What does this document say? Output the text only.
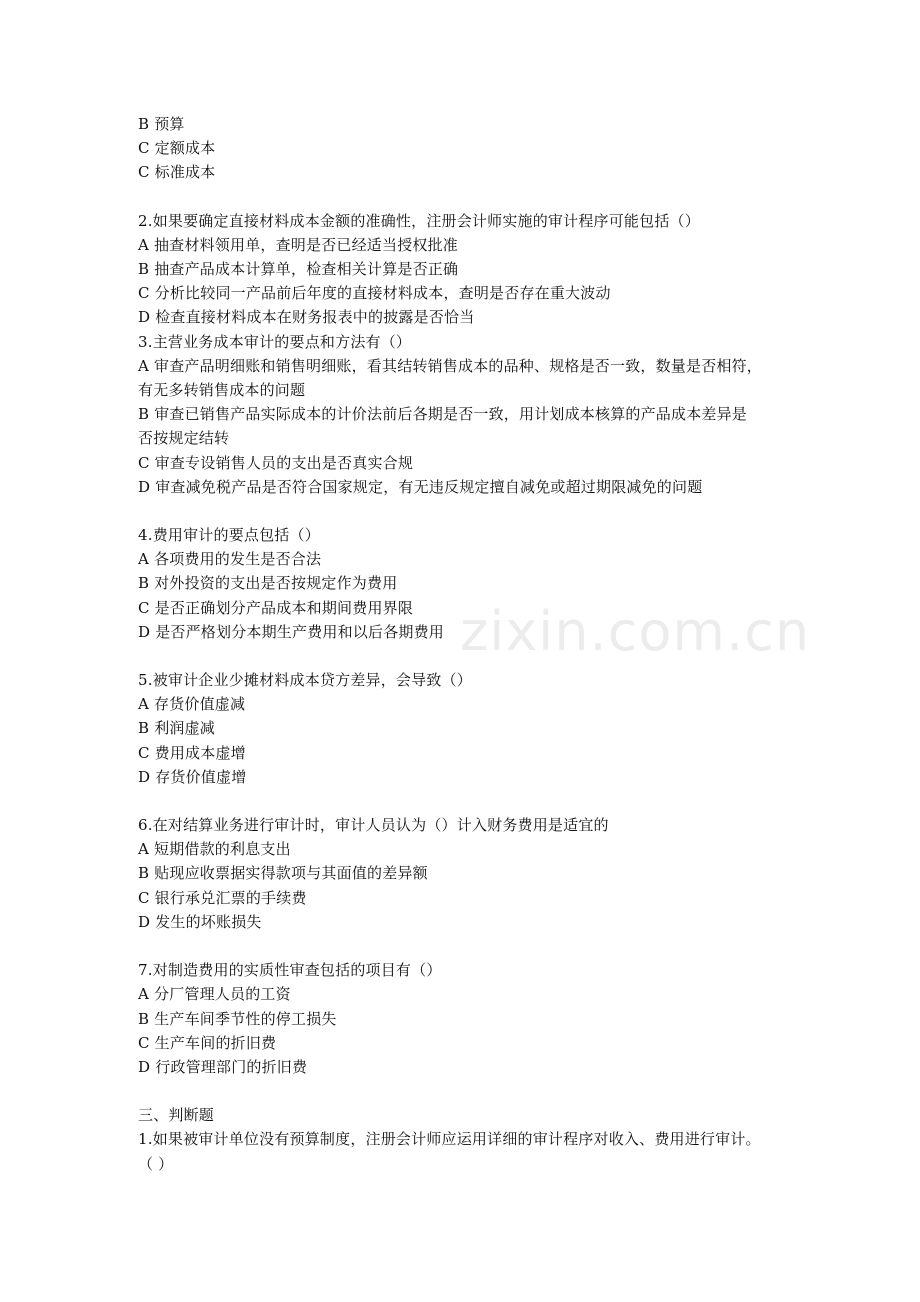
B 预算
C 定额成本
C 标准成本
2.如果要确定直接材料成本金额的准确性，注册会计师实施的审计程序可能包括（）
A 抽查材料领用单，查明是否已经适当授权批准
B 抽查产品成本计算单，检查相关计算是否正确
C 分析比较同一产品前后年度的直接材料成本，查明是否存在重大波动
D 检查直接材料成本在财务报表中的披露是否恰当
3.主营业务成本审计的要点和方法有（）
A 审查产品明细账和销售明细账，看其结转销售成本的品种、规格是否一致，数量是否相符，
有无多转销售成本的问题
B 审查已销售产品实际成本的计价法前后各期是否一致，用计划成本核算的产品成本差异是
否按规定结转
C 审查专设销售人员的支出是否真实合规
D 审查减免税产品是否符合国家规定，有无违反规定擅自减免或超过期限减免的问题
4.费用审计的要点包括（）
A 各项费用的发生是否合法
B 对外投资的支出是否按规定作为费用
C 是否正确划分产品成本和期间费用界限
D 是否严格划分本期生产费用和以后各期费用
5.被审计企业少摊材料成本贷方差异，会导致（）
A 存货价值虚减
B 利润虚减
C 费用成本虚增
D 存货价值虚增
6.在对结算业务进行审计时，审计人员认为（）计入财务费用是适宜的
A 短期借款的利息支出
B 贴现应收票据实得款项与其面值的差异额
C 银行承兑汇票的手续费
D 发生的坏账损失
7.对制造费用的实质性审查包括的项目有（）
A 分厂管理人员的工资
B 生产车间季节性的停工损失
C 生产车间的折旧费
D 行政管理部门的折旧费
三、判断题
1.如果被审计单位没有预算制度，注册会计师应运用详细的审计程序对收入、费用进行审计。
（ ）
zixin.com.cn
